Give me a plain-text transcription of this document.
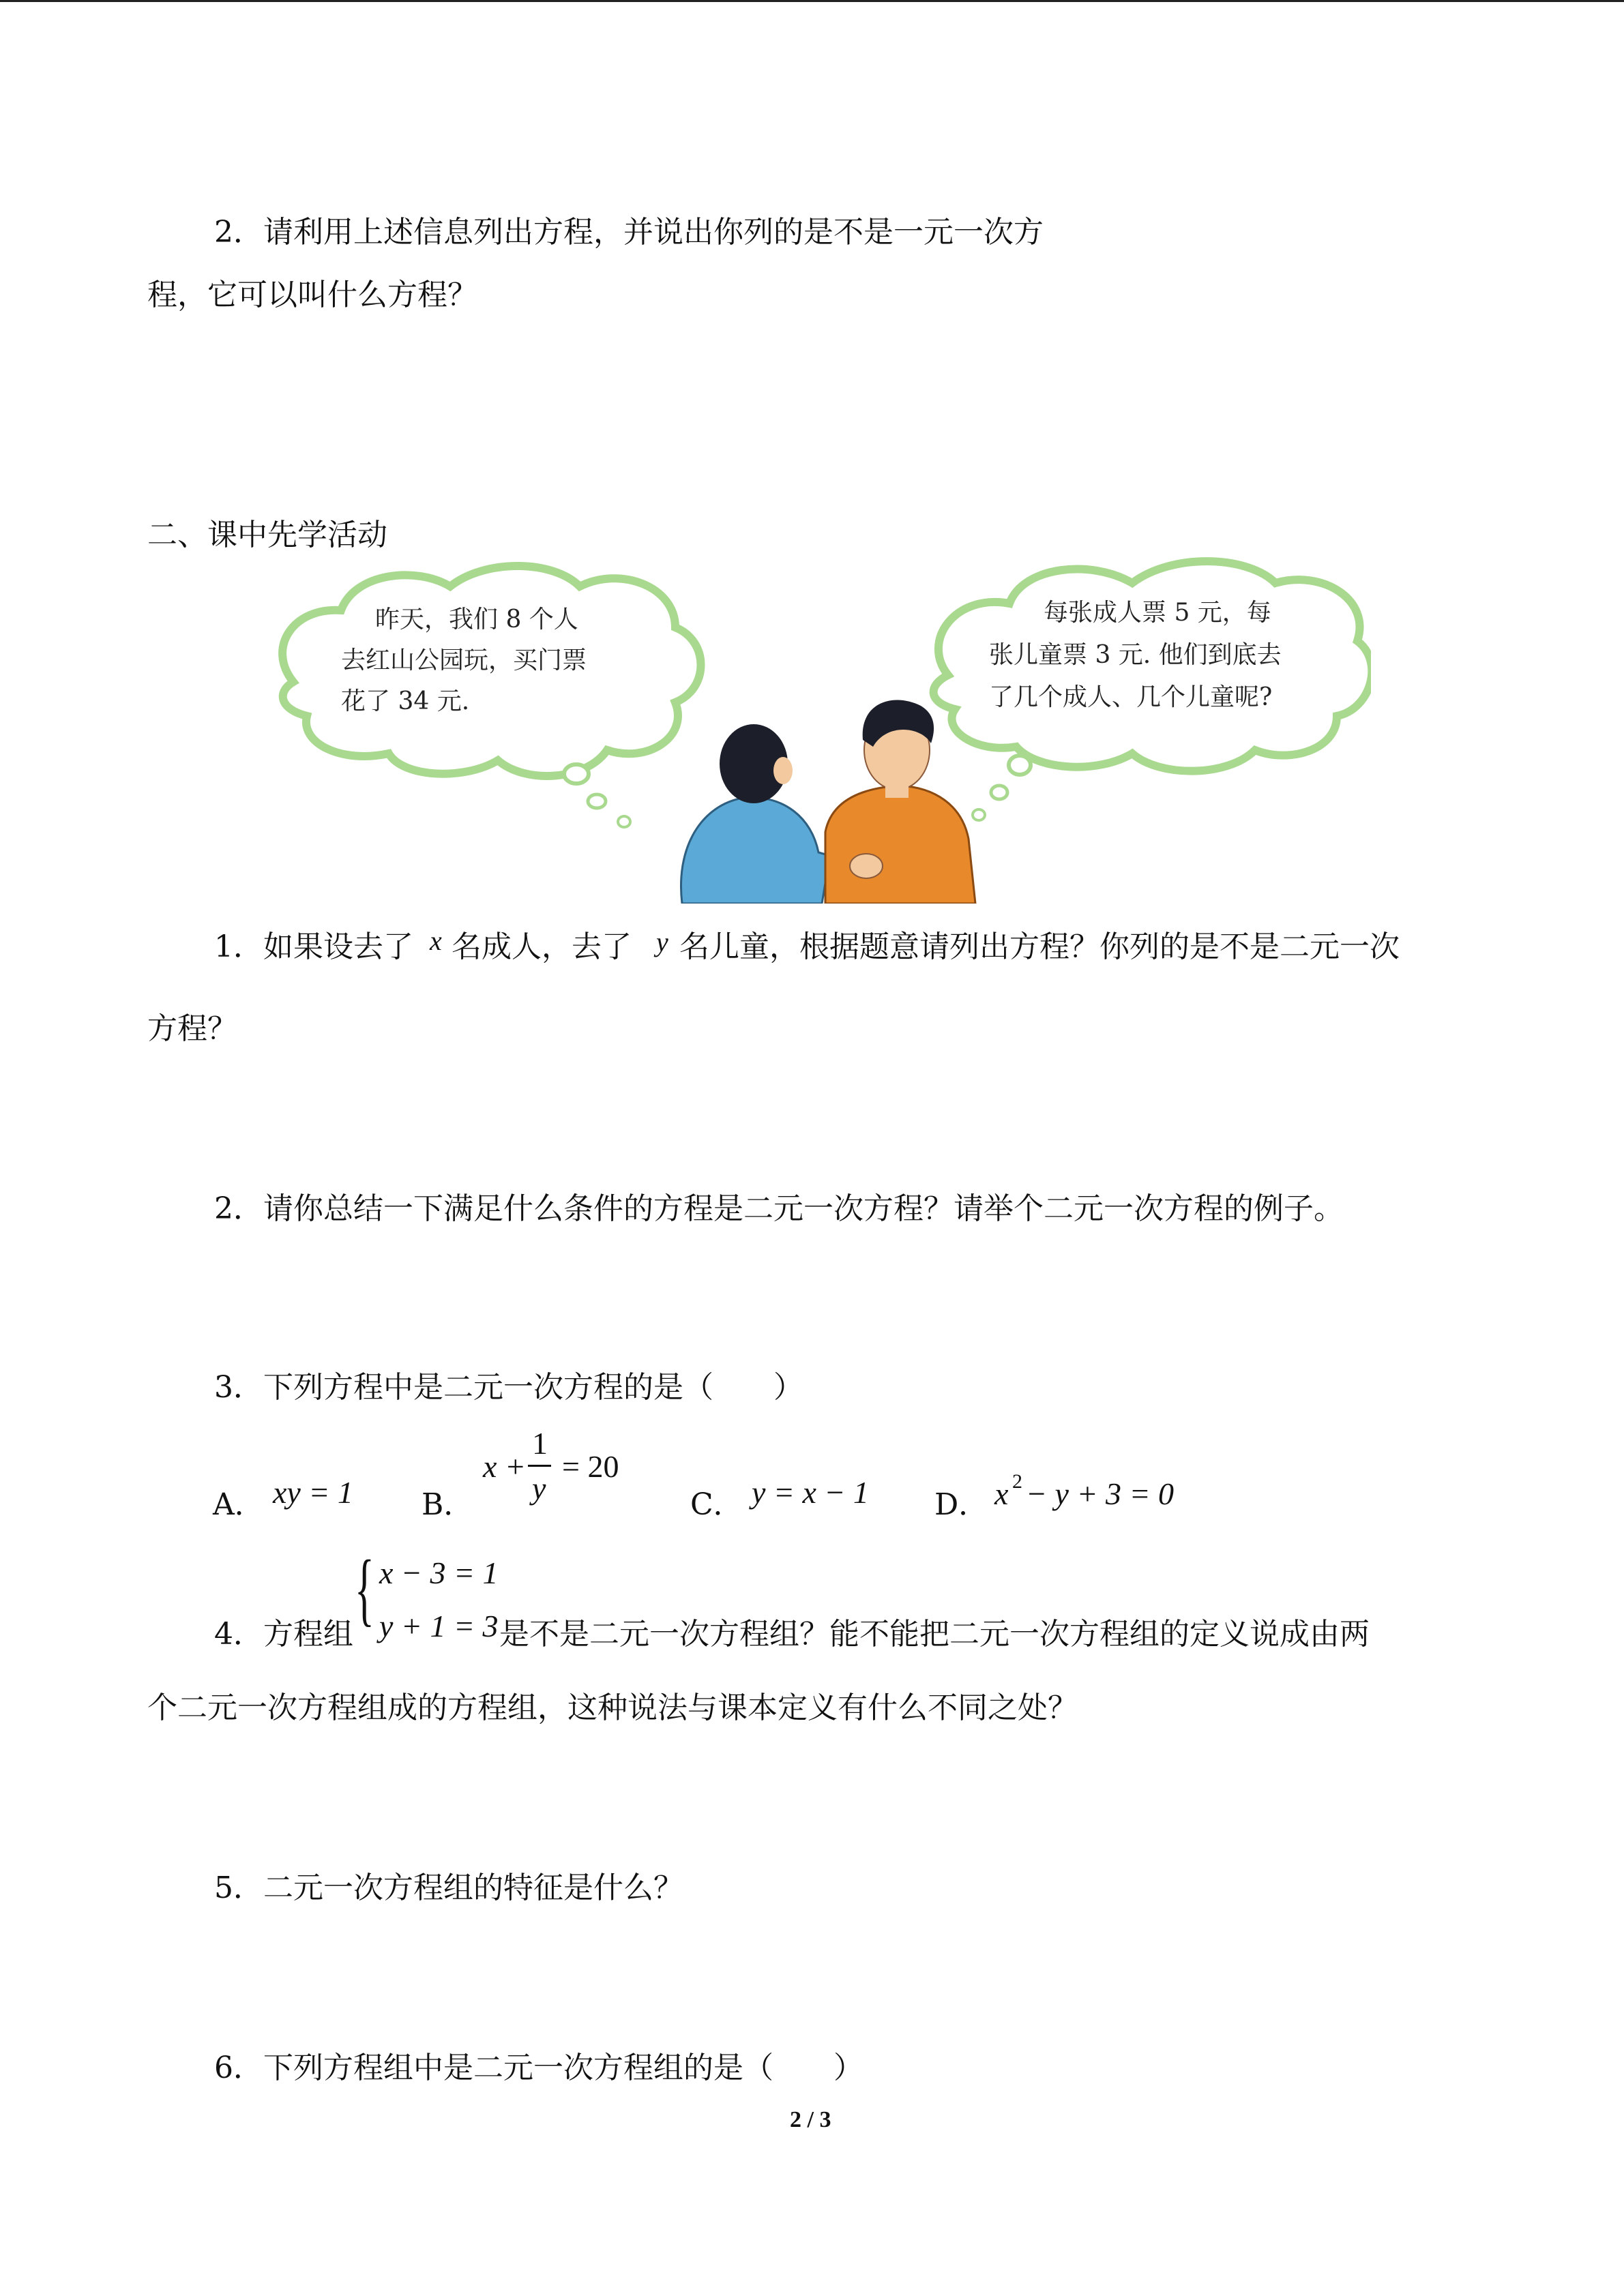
2．请利用上述信息列出方程，并说出你列的是不是一元一次方
程，它可以叫什么方程？
二、课中先学活动
昨天，我们 8 个人
去红山公园玩，买门票
花了 34 元.
每张成人票 5 元，每
张儿童票 3 元. 他们到底去
了几个成人、几个儿童呢?
1．如果设去了 x 名成人，去了 y 名儿童，根据题意请列出方程？你列的是不是二元一次
方程？
2．请你总结一下满足什么条件的方程是二元一次方程？请举个二元一次方程的例子。
3．下列方程中是二元一次方程的是（　　）
A． xy = 1 B．
x +
1
y
= 20
C． y = x − 1 D． x 2 − y + 3 = 0
{ x − 3 = 1
y + 1 = 3
4．方程组	是不是二元一次方程组？能不能把二元一次方程组的定义说成由两
个二元一次方程组成的方程组，这种说法与课本定义有什么不同之处？
5．二元一次方程组的特征是什么？
6．下列方程组中是二元一次方程组的是（　　）
2 / 3
